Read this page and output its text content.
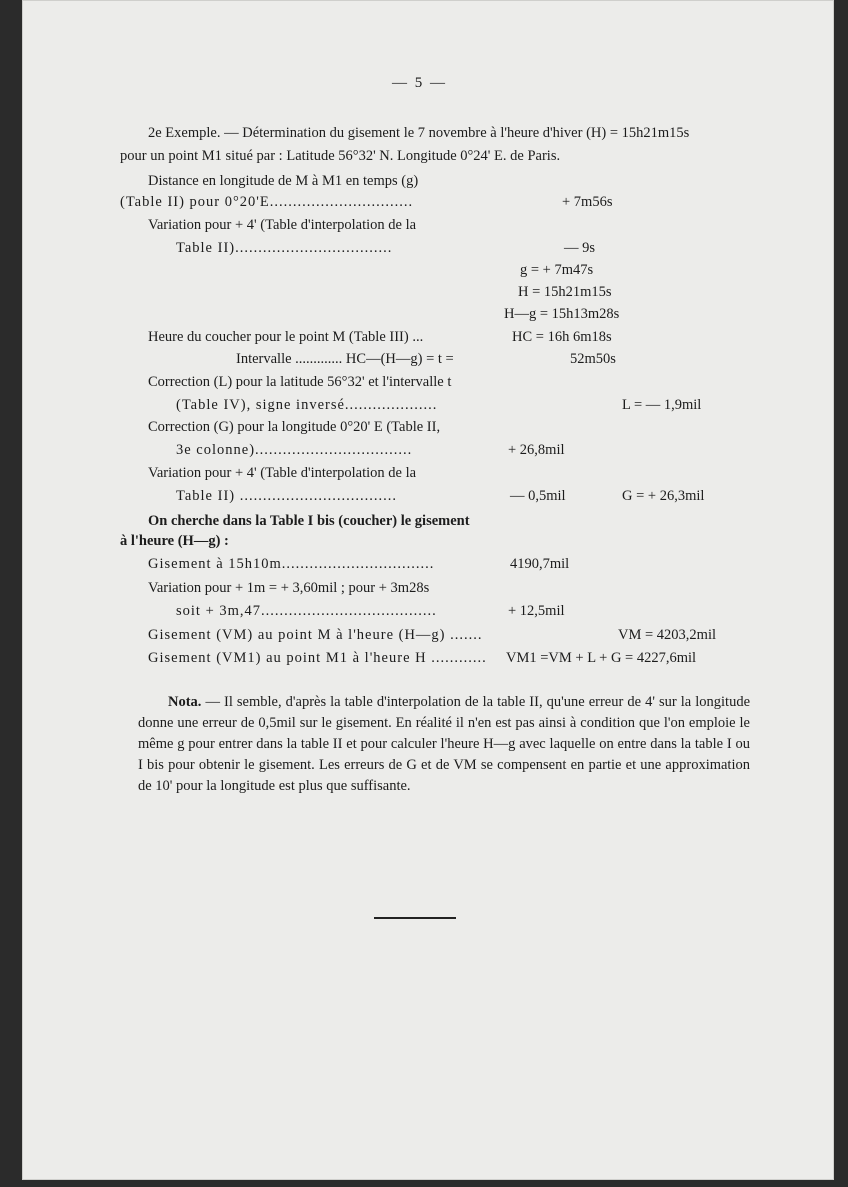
— 5 —
2e Exemple. — Détermination du gisement le 7 novembre à l'heure d'hiver (H) = 15h21m15s
pour un point M1 situé par : Latitude 56°32' N. Longitude 0°24' E. de Paris.
Distance en longitude de M à M1 en temps (g)
(Table II) pour 0°20'E...............................	+ 7m56s
Variation pour + 4' (Table d'interpolation de la
Table II)..................................	— 9s
g = + 7m47s
H = 15h21m15s
H—g = 15h13m28s
Heure du coucher pour le point M (Table III) ...	HC = 16h 6m18s
Intervalle ............. HC—(H—g) = t =	52m50s
Correction (L) pour la latitude 56°32' et l'intervalle t
(Table IV), signe inversé....................	L = — 1,9mil
Correction (G) pour la longitude 0°20' E (Table II,
3e colonne)..................................	+ 26,8mil
Variation pour + 4' (Table d'interpolation de la
Table II) ..................................	— 0,5mil	G = + 26,3mil
On cherche dans la Table I bis (coucher) le gisement
à l'heure (H—g) :
Gisement à 15h10m.................................	4190,7mil
Variation pour + 1m = + 3,60mil ; pour + 3m28s
soit + 3m,47......................................	+ 12,5mil
Gisement (VM) au point M à l'heure (H—g) .......	VM = 4203,2mil
Gisement (VM1) au point M1 à l'heure H ............ VM1 =VM + L + G = 4227,6mil
Nota. — Il semble, d'après la table d'interpolation de la table II, qu'une erreur de 4' sur la longitude donne une erreur de 0,5mil sur le gisement. En réalité il n'en est pas ainsi à condition que l'on emploie le même g pour entrer dans la table II et pour calculer l'heure H—g avec laquelle on entre dans la table I ou I bis pour obtenir le gisement. Les erreurs de G et de VM se compensent en partie et une approximation de 10' pour la longitude est plus que suffisante.
